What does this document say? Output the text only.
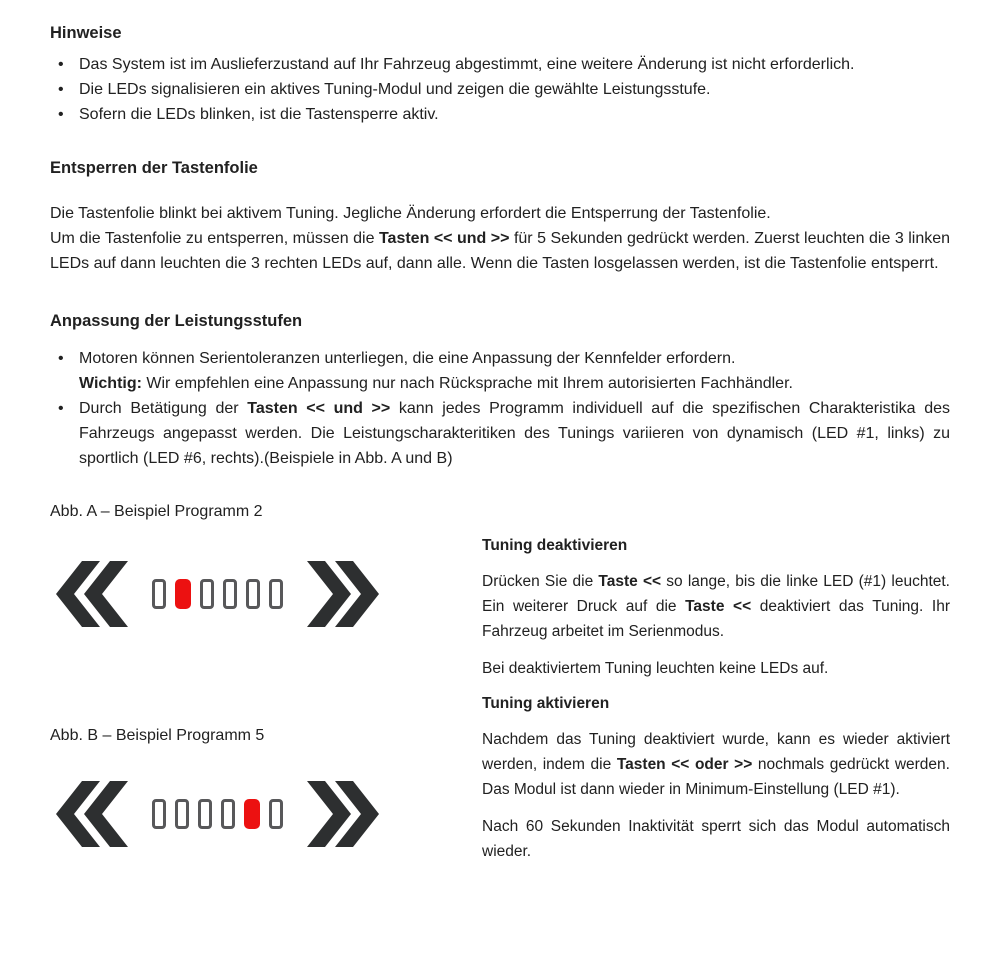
Hinweise
• Das System ist im Auslieferzustand auf Ihr Fahrzeug abgestimmt, eine weitere Änderung ist nicht erforderlich.
• Die LEDs signalisieren ein aktives Tuning-Modul und zeigen die gewählte Leistungsstufe.
• Sofern die LEDs blinken, ist die Tastensperre aktiv.
Entsperren der Tastenfolie
Die Tastenfolie blinkt bei aktivem Tuning. Jegliche Änderung erfordert die Entsperrung der Tastenfolie.
Um die Tastenfolie zu entsperren, müssen die Tasten << und >> für 5 Sekunden gedrückt werden. Zuerst leuchten die 3 linken LEDs auf dann leuchten die 3 rechten LEDs auf, dann alle. Wenn die Tasten losgelassen werden, ist die Tastenfolie entsperrt.
Anpassung der Leistungsstufen
• Motoren können Serientoleranzen unterliegen, die eine Anpassung der Kennfelder erfordern.
Wichtig: Wir empfehlen eine Anpassung nur nach Rücksprache mit Ihrem autorisierten Fachhändler.
• Durch Betätigung der Tasten << und >> kann jedes Programm individuell auf die spezifischen Charakteristika des Fahrzeugs angepasst werden. Die Leistungscharakteritiken des Tunings variieren von dynamisch (LED #1, links) zu sportlich (LED #6, rechts).(Beispiele in Abb. A und B)
Abb. A – Beispiel Programm 2
Abb. B – Beispiel Programm 5
Tuning deaktivieren
Drücken Sie die Taste << so lange, bis die linke LED (#1) leuchtet. Ein weiterer Druck auf die Taste << deaktiviert das Tuning. Ihr Fahrzeug arbeitet im Serienmodus.
Bei deaktiviertem Tuning leuchten keine LEDs auf.
Tuning aktivieren
Nachdem das Tuning deaktiviert wurde, kann es wieder aktiviert werden, indem die Tasten << oder >> nochmals gedrückt werden. Das Modul ist dann wieder in Minimum-Einstellung (LED #1).
Nach 60 Sekunden Inaktivität sperrt sich das Modul automatisch wieder.
